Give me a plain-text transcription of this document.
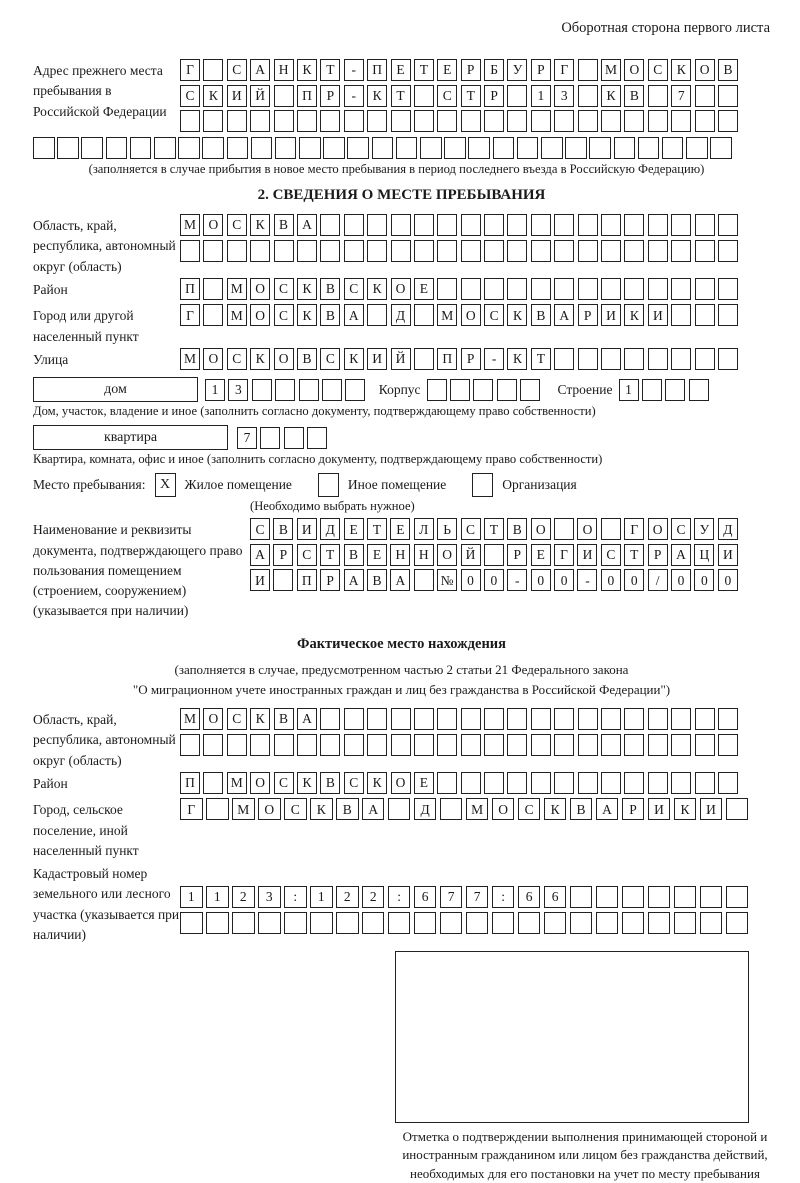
Оборотная сторона первого листа
Адрес прежнего места пребывания в Российской Федерации
Г	С	А	Н	К	Т	-	П	Е	Т	Е	Р	Б	У	Р	Г	М О	С	К	О	В
С	К	И	Й	П	Р	-	К	Т	С	Т	Р	1	3	К	В	7
(заполняется в случае прибытия в новое место пребывания в период последнего въезда в Российскую Федерацию)
2. СВЕДЕНИЯ О МЕСТЕ ПРЕБЫВАНИЯ
Область, край, республика, автономный округ (область)
М О	С	К	В	А
Район	П	М О	С	К	В	С	К	О	Е
Город или другой населенный пункт
Г	М О	С	К	В	А	Д	М О	С	К	В	А	Р	И	К	И
Улица	М О	С	К	О	В	С	К	И	Й	П	Р	-	К	Т
дом	1	3	Корпус	Строение 1
Дом, участок, владение и иное (заполнить согласно документу, подтверждающему право собственности)
квартира	7
Квартира, комната, офис и иное (заполнить согласно документу, подтверждающему право собственности)
Место пребывания:	X	Жилое помещение	Иное помещение	Организация
(Необходимо выбрать нужное)
Наименование и реквизиты документа, подтверждающего право пользования помещением (строением, сооружением) (указывается при наличии)
С	В	И	Д	Е	Т	Е	Л	Ь	С	Т	В	О	О	Г	О	С	У	Д
А	Р	С	Т	В	Е	Н	Н	О	Й	Р	Е	Г	И	С	Т	Р	А	Ц	И
И	П	Р	А	В	А	№	0	0	-	0	0	-	0	0	/	0	0	0
Фактическое место нахождения
(заполняется в случае, предусмотренном частью 2 статьи 21 Федерального закона
"О миграционном учете иностранных граждан и лиц без гражданства в Российской Федерации")
Область, край, республика, автономный округ (область)
М О	С	К	В	А
Район	П	М О	С	К	В	С	К	О	Е
Город, сельское поселение, иной населенный пункт
Г	М	О	С	К	В	А	Д	М	О	С	К	В	А	Р	И	К	И
Кадастровый номер земельного или лесного участка (указывается при наличии)
1	1	2	3	:	1	2	2	:	6	7	7	:	6	6
Отметка о подтверждении выполнения принимающей стороной и иностранным гражданином или лицом без гражданства действий, необходимых для его постановки на учет по месту пребывания
